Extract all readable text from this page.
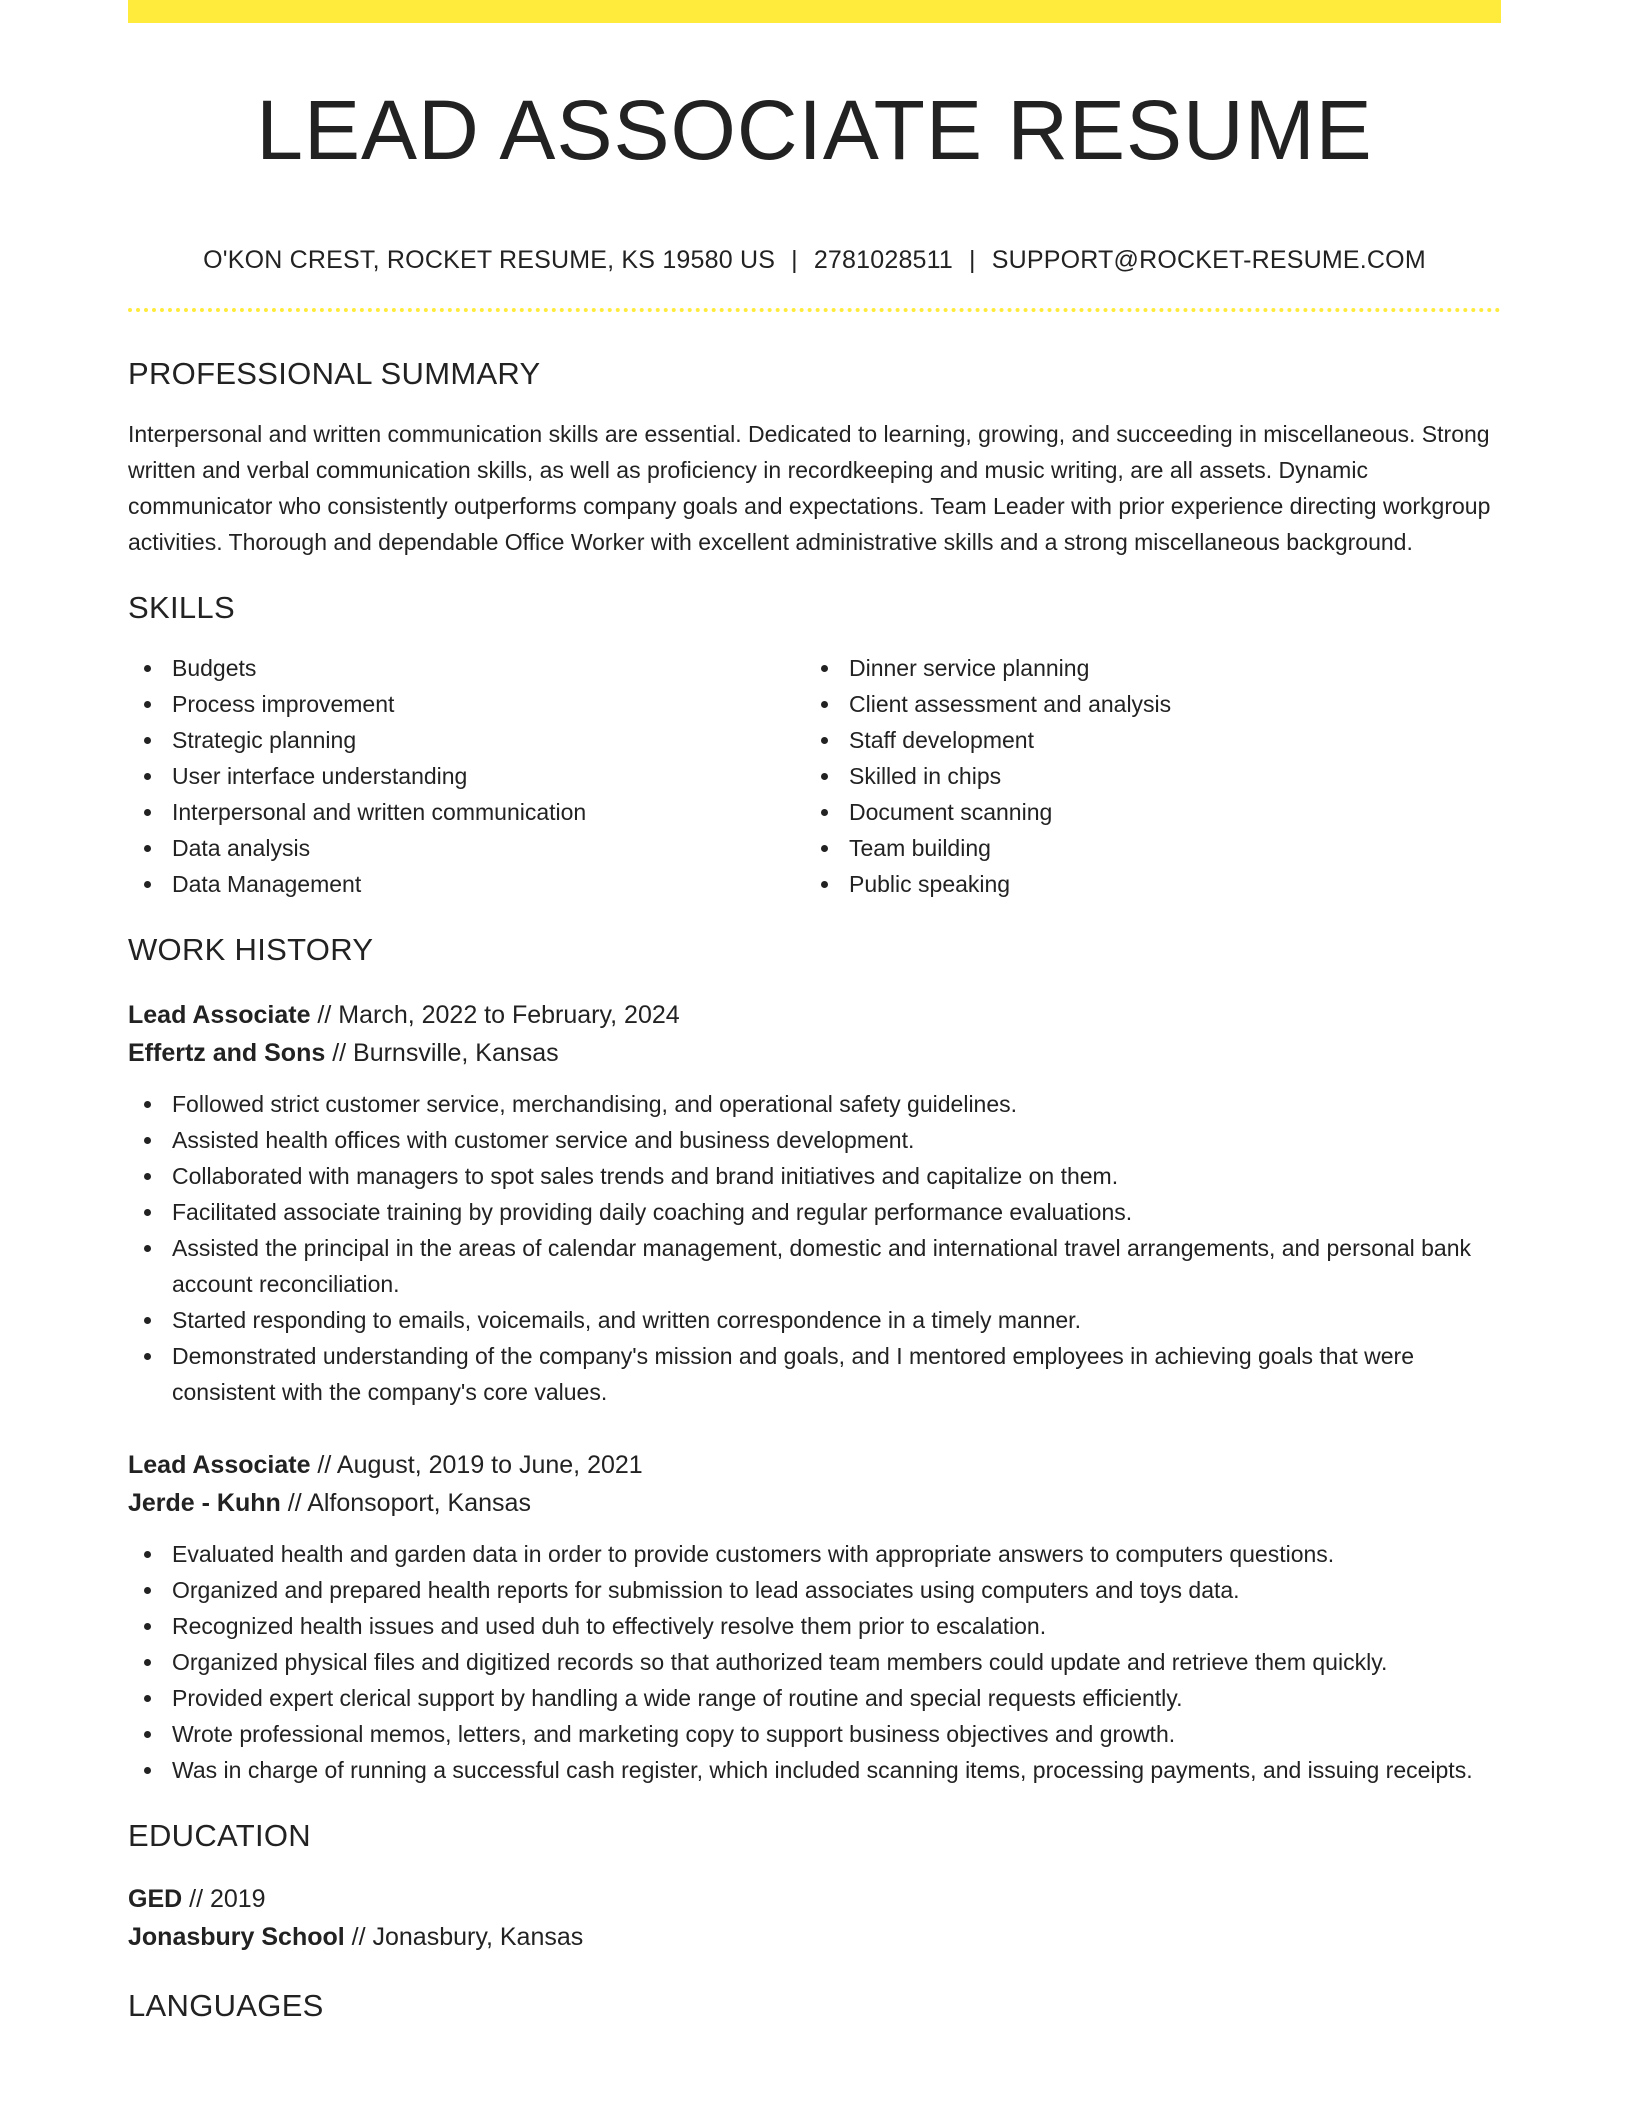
LEAD ASSOCIATE RESUME
O'KON CREST, ROCKET RESUME, KS 19580 US | 2781028511 | SUPPORT@ROCKET-RESUME.COM
PROFESSIONAL SUMMARY

Interpersonal and written communication skills are essential. Dedicated to learning, growing, and succeeding in miscellaneous. Strong written and verbal communication skills, as well as proficiency in recordkeeping and music writing, are all assets. Dynamic communicator who consistently outperforms company goals and expectations. Team Leader with prior experience directing workgroup activities. Thorough and dependable Office Worker with excellent administrative skills and a strong miscellaneous background.

SKILLS
Budgets
Process improvement
Strategic planning
User interface understanding
Interpersonal and written communication
Data analysis
Data Management
Dinner service planning
Client assessment and analysis
Staff development
Skilled in chips
Document scanning
Team building
Public speaking
WORK HISTORY
Lead Associate // March, 2022 to February, 2024
Effertz and Sons // Burnsville, Kansas
Followed strict customer service, merchandising, and operational safety guidelines.
Assisted health offices with customer service and business development.
Collaborated with managers to spot sales trends and brand initiatives and capitalize on them.
Facilitated associate training by providing daily coaching and regular performance evaluations.
Assisted the principal in the areas of calendar management, domestic and international travel arrangements, and personal bank account reconciliation.
Started responding to emails, voicemails, and written correspondence in a timely manner.
Demonstrated understanding of the company's mission and goals, and I mentored employees in achieving goals that were consistent with the company's core values.
Lead Associate // August, 2019 to June, 2021
Jerde - Kuhn // Alfonsoport, Kansas
Evaluated health and garden data in order to provide customers with appropriate answers to computers questions.
Organized and prepared health reports for submission to lead associates using computers and toys data.
Recognized health issues and used duh to effectively resolve them prior to escalation.
Organized physical files and digitized records so that authorized team members could update and retrieve them quickly.
Provided expert clerical support by handling a wide range of routine and special requests efficiently.
Wrote professional memos, letters, and marketing copy to support business objectives and growth.
Was in charge of running a successful cash register, which included scanning items, processing payments, and issuing receipts.
EDUCATION
GED // 2019
Jonasbury School // Jonasbury, Kansas
LANGUAGES
